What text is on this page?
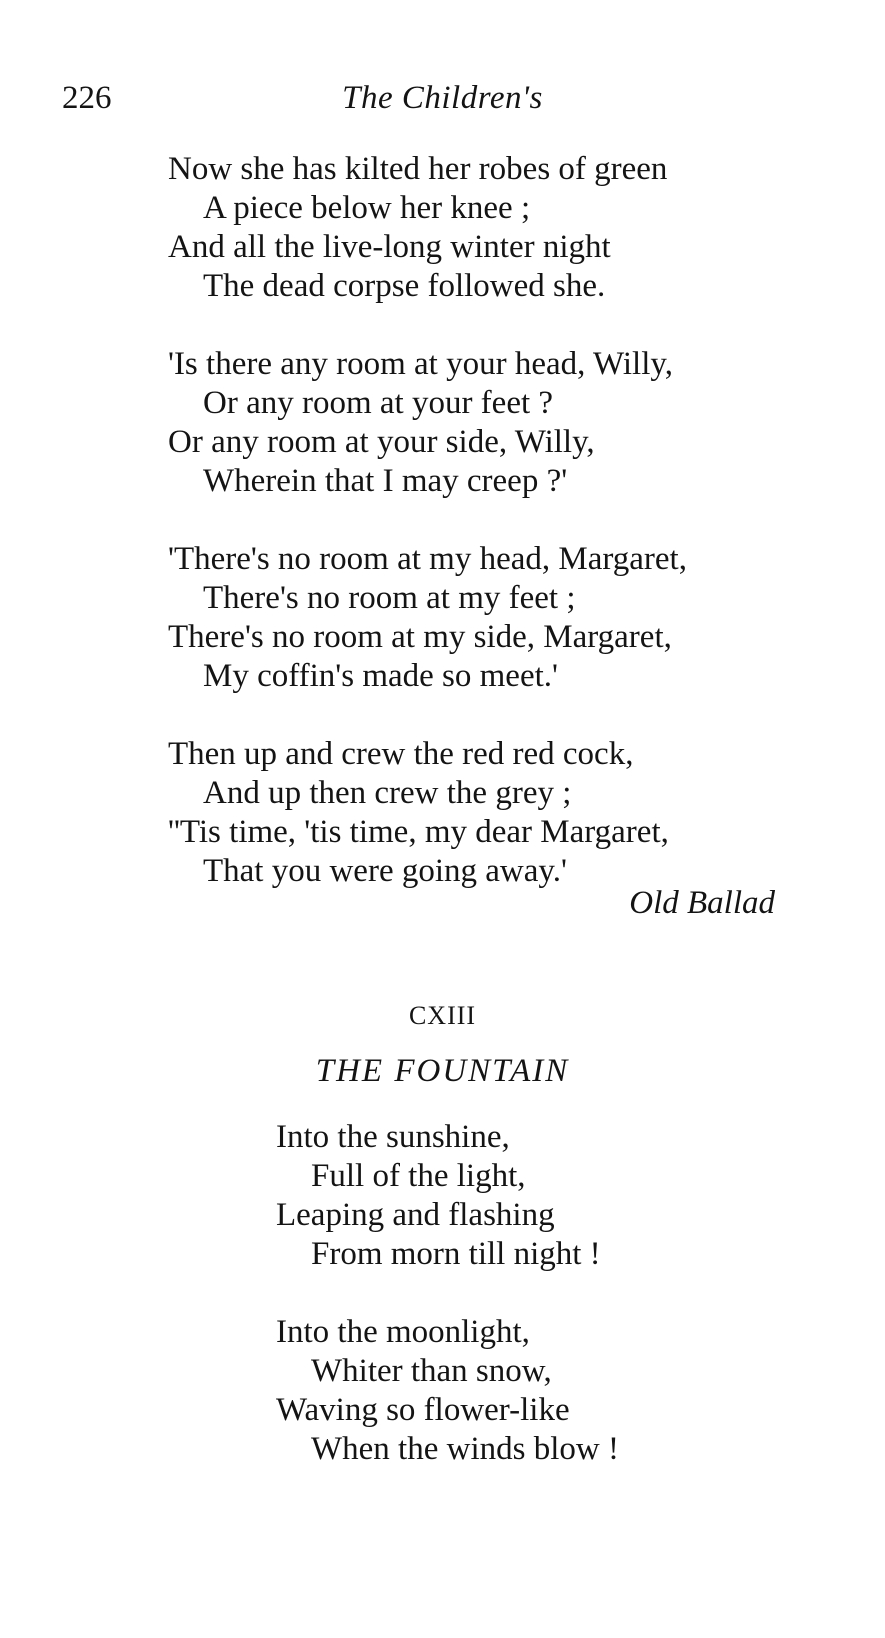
226	The Children's
Now she has kilted her robes of green
A piece below her knee ;
And all the live-long winter night
The dead corpse followed she.
'Is there any room at your head, Willy,
Or any room at your feet ?
Or any room at your side, Willy,
Wherein that I may creep ?'
'There's no room at my head, Margaret,
There's no room at my feet ;
There's no room at my side, Margaret,
My coffin's made so meet.'
Then up and crew the red red cock,
And up then crew the grey ;
''Tis time, 'tis time, my dear Margaret,
That you were going away.'
Old Ballad
CXIII
THE FOUNTAIN
Into the sunshine,
Full of the light,
Leaping and flashing
From morn till night !
Into the moonlight,
Whiter than snow,
Waving so flower-like
When the winds blow !
